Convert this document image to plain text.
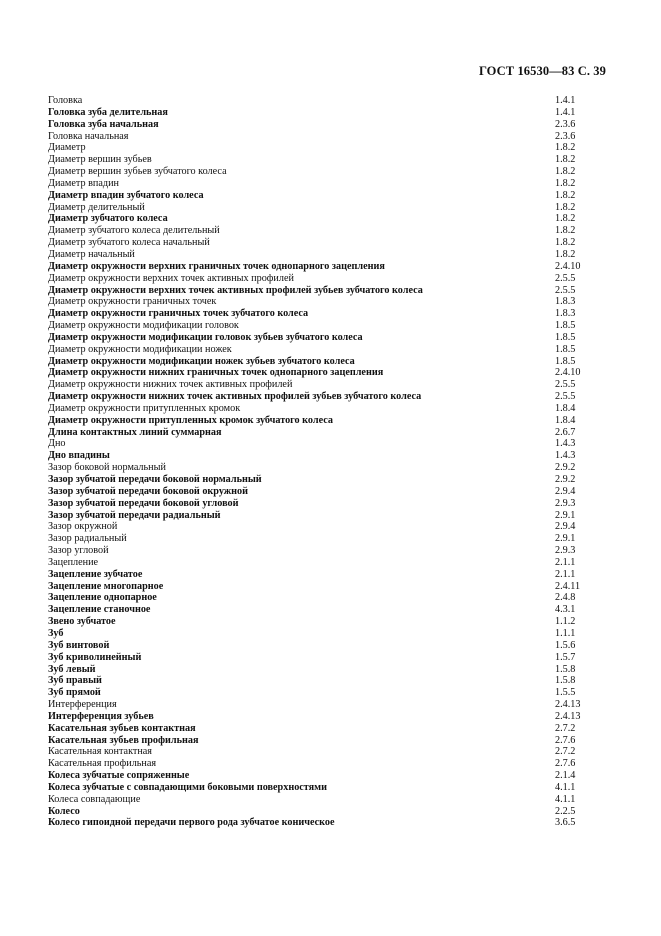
ГОСТ 16530—83 С. 39
Головка	1.4.1
Головка зуба делительная	1.4.1
Головка зуба начальная	2.3.6
Головка начальная	2.3.6
Диаметр	1.8.2
Диаметр вершин зубьев	1.8.2
Диаметр вершин зубьев зубчатого колеса	1.8.2
Диаметр впадин	1.8.2
Диаметр впадин зубчатого колеса	1.8.2
Диаметр делительный	1.8.2
Диаметр зубчатого колеса	1.8.2
Диаметр зубчатого колеса делительный	1.8.2
Диаметр зубчатого колеса начальный	1.8.2
Диаметр начальный	1.8.2
Диаметр окружности верхних граничных точек однопарного зацепления	2.4.10
Диаметр окружности верхних точек активных профилей	2.5.5
Диаметр окружности верхних точек активных профилей зубьев зубчатого колеса	2.5.5
Диаметр окружности граничных точек	1.8.3
Диаметр окружности граничных точек зубчатого колеса	1.8.3
Диаметр окружности модификации головок	1.8.5
Диаметр окружности модификации головок зубьев зубчатого колеса	1.8.5
Диаметр окружности модификации ножек	1.8.5
Диаметр окружности модификации ножек зубьев зубчатого колеса	1.8.5
Диаметр окружности нижних граничных точек однопарного зацепления	2.4.10
Диаметр окружности нижних точек активных профилей	2.5.5
Диаметр окружности нижних точек активных профилей зубьев зубчатого колеса	2.5.5
Диаметр окружности притупленных кромок	1.8.4
Диаметр окружности притупленных кромок зубчатого колеса	1.8.4
Длина контактных линий суммарная	2.6.7
Дно	1.4.3
Дно впадины	1.4.3
Зазор боковой нормальный	2.9.2
Зазор зубчатой передачи боковой нормальный	2.9.2
Зазор зубчатой передачи боковой окружной	2.9.4
Зазор зубчатой передачи боковой угловой	2.9.3
Зазор зубчатой передачи радиальный	2.9.1
Зазор окружной	2.9.4
Зазор радиальный	2.9.1
Зазор угловой	2.9.3
Зацепление	2.1.1
Зацепление зубчатое	2.1.1
Зацепление многопарное	2.4.11
Зацепление однопарное	2.4.8
Зацепление станочное	4.3.1
Звено зубчатое	1.1.2
Зуб	1.1.1
Зуб винтовой	1.5.6
Зуб криволинейный	1.5.7
Зуб левый	1.5.8
Зуб правый	1.5.8
Зуб прямой	1.5.5
Интерференция	2.4.13
Интерференция зубьев	2.4.13
Касательная зубьев контактная	2.7.2
Касательная зубьев профильная	2.7.6
Касательная контактная	2.7.2
Касательная профильная	2.7.6
Колеса зубчатые сопряженные	2.1.4
Колеса зубчатые с совпадающими боковыми поверхностями	4.1.1
Колеса совпадающие	4.1.1
Колесо	2.2.5
Колесо гипоидной передачи первого рода зубчатое коническое	3.6.5
